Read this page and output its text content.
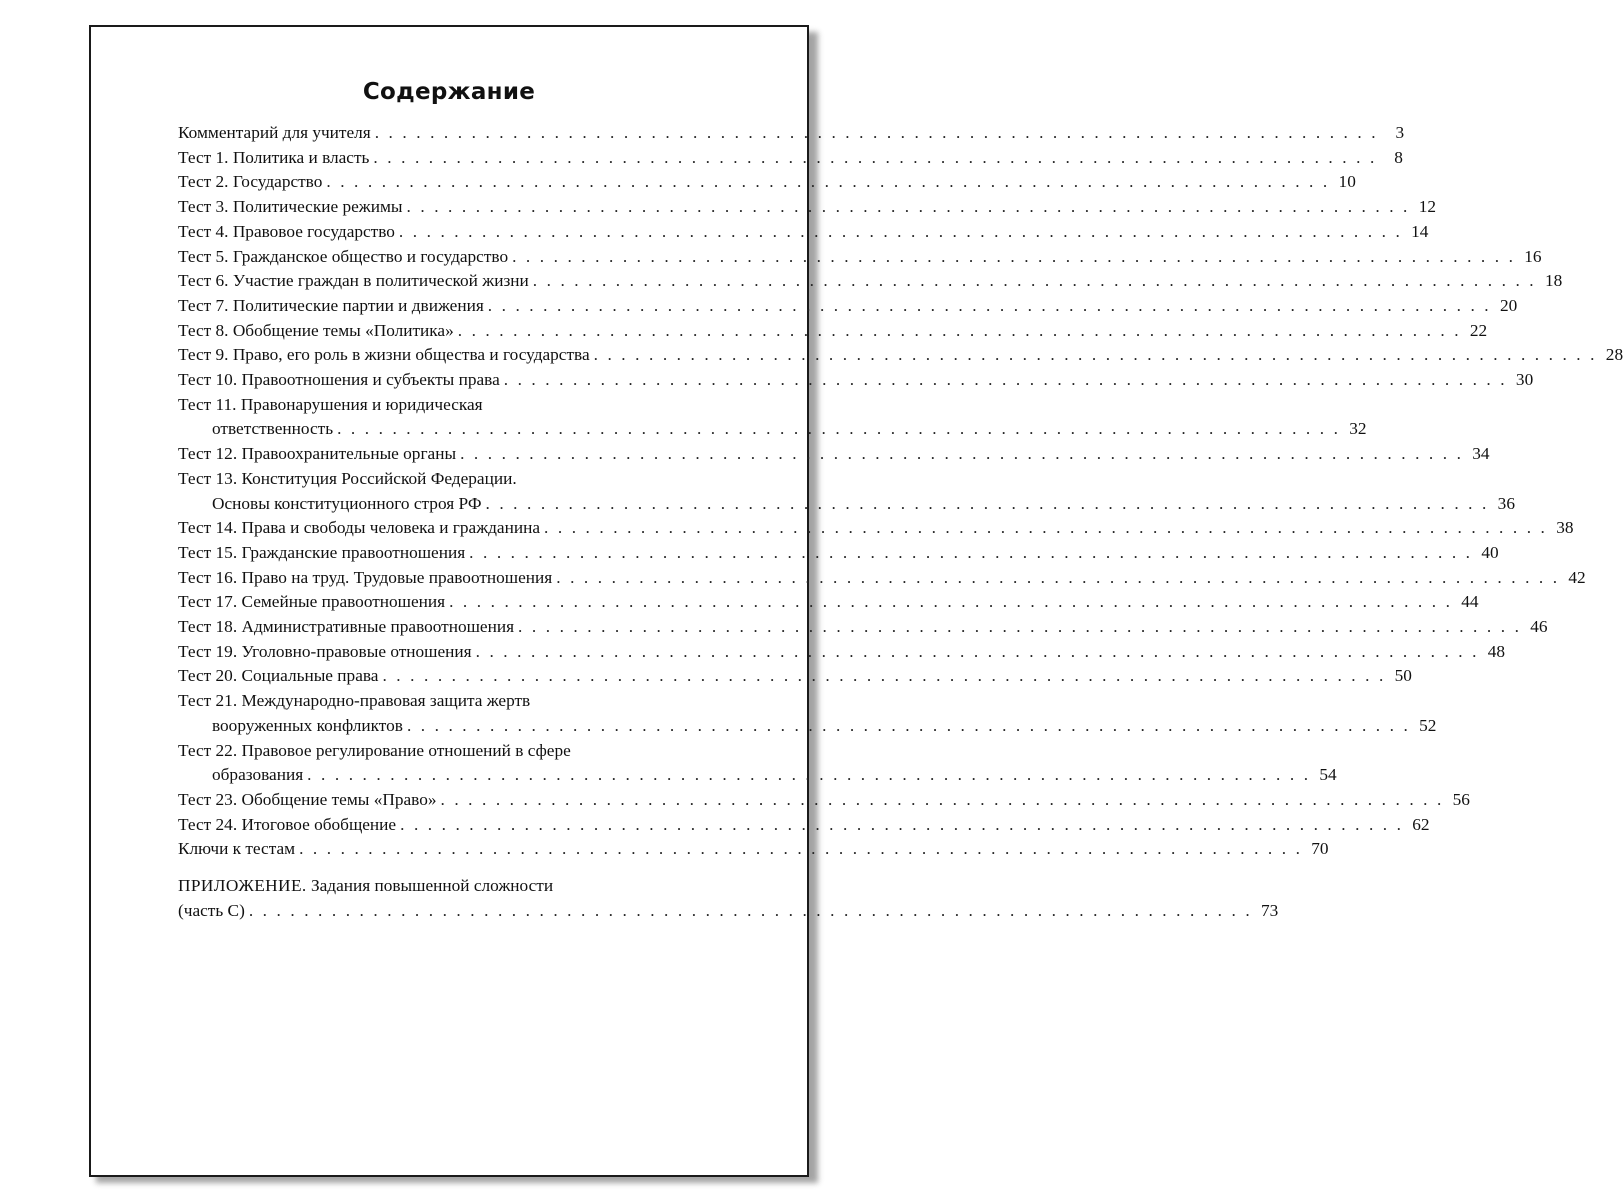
Содержание
Комментарий для учителя . . . . . . . . . . . . . . . . . . . . . . . . . . . . . . . . . . . . . . . . . . . . . . . . . . . . . . . . . . . . . . . . . . . . . . . . .	3
Тест 1. Политика и власть . . . . . . . . . . . . . . . . . . . . . . . . . . . . . . . . . . . . . . . . . . . . . . . . . . . . . . . . . . . . . . . . . . . . . . . . .	8
Тест 2. Государство . . . . . . . . . . . . . . . . . . . . . . . . . . . . . . . . . . . . . . . . . . . . . . . . . . . . . . . . . . . . . . . . . . . . . . . . . 10
Тест 3. Политические режимы . . . . . . . . . . . . . . . . . . . . . . . . . . . . . . . . . . . . . . . . . . . . . . . . . . . . . . . . . . . . . . . . . . . . . . . . . 12
Тест 4. Правовое государство . . . . . . . . . . . . . . . . . . . . . . . . . . . . . . . . . . . . . . . . . . . . . . . . . . . . . . . . . . . . . . . . . . . . . . . . . 14
Тест 5. Гражданское общество и государство . . . . . . . . . . . . . . . . . . . . . . . . . . . . . . . . . . . . . . . . . . . . . . . . . . . . . . . . . . . . . . . . . . . . . . . . . 16
Тест 6. Участие граждан в политической жизни . . . . . . . . . . . . . . . . . . . . . . . . . . . . . . . . . . . . . . . . . . . . . . . . . . . . . . . . . . . . . . . . . . . . . . . . . 18
Тест 7. Политические партии и движения . . . . . . . . . . . . . . . . . . . . . . . . . . . . . . . . . . . . . . . . . . . . . . . . . . . . . . . . . . . . . . . . . . . . . . . . . 20
Тест 8. Обобщение темы «Политика» . . . . . . . . . . . . . . . . . . . . . . . . . . . . . . . . . . . . . . . . . . . . . . . . . . . . . . . . . . . . . . . . . . . . . . . . . 22
Тест 9. Право, его роль в жизни общества и государства . . . . . . . . . . . . . . . . . . . . . . . . . . . . . . . . . . . . . . . . . . . . . . . . . . . . . . . . . . . . . . . . . . . . . . . . . 28
Тест 10. Правоотношения и субъекты права . . . . . . . . . . . . . . . . . . . . . . . . . . . . . . . . . . . . . . . . . . . . . . . . . . . . . . . . . . . . . . . . . . . . . . . . . 30
Тест 11. Правонарушения и юридическая
ответственность . . . . . . . . . . . . . . . . . . . . . . . . . . . . . . . . . . . . . . . . . . . . . . . . . . . . . . . . . . . . . . . . . . . . . . . . . 32
Тест 12. Правоохранительные органы . . . . . . . . . . . . . . . . . . . . . . . . . . . . . . . . . . . . . . . . . . . . . . . . . . . . . . . . . . . . . . . . . . . . . . . . . 34
Тест 13. Конституция Российской Федерации.
Основы конституционного строя РФ . . . . . . . . . . . . . . . . . . . . . . . . . . . . . . . . . . . . . . . . . . . . . . . . . . . . . . . . . . . . . . . . . . . . . . . . . 36
Тест 14. Права и свободы человека и гражданина . . . . . . . . . . . . . . . . . . . . . . . . . . . . . . . . . . . . . . . . . . . . . . . . . . . . . . . . . . . . . . . . . . . . . . . . . 38
Тест 15. Гражданские правоотношения . . . . . . . . . . . . . . . . . . . . . . . . . . . . . . . . . . . . . . . . . . . . . . . . . . . . . . . . . . . . . . . . . . . . . . . . . 40
Тест 16. Право на труд. Трудовые правоотношения . . . . . . . . . . . . . . . . . . . . . . . . . . . . . . . . . . . . . . . . . . . . . . . . . . . . . . . . . . . . . . . . . . . . . . . . . 42
Тест 17. Семейные правоотношения . . . . . . . . . . . . . . . . . . . . . . . . . . . . . . . . . . . . . . . . . . . . . . . . . . . . . . . . . . . . . . . . . . . . . . . . . 44
Тест 18. Административные правоотношения . . . . . . . . . . . . . . . . . . . . . . . . . . . . . . . . . . . . . . . . . . . . . . . . . . . . . . . . . . . . . . . . . . . . . . . . . 46
Тест 19. Уголовно-правовые отношения . . . . . . . . . . . . . . . . . . . . . . . . . . . . . . . . . . . . . . . . . . . . . . . . . . . . . . . . . . . . . . . . . . . . . . . . . 48
Тест 20. Социальные права . . . . . . . . . . . . . . . . . . . . . . . . . . . . . . . . . . . . . . . . . . . . . . . . . . . . . . . . . . . . . . . . . . . . . . . . . 50
Тест 21. Международно-правовая защита жертв
вооруженных конфликтов . . . . . . . . . . . . . . . . . . . . . . . . . . . . . . . . . . . . . . . . . . . . . . . . . . . . . . . . . . . . . . . . . . . . . . . . . 52
Тест 22. Правовое регулирование отношений в сфере
образования . . . . . . . . . . . . . . . . . . . . . . . . . . . . . . . . . . . . . . . . . . . . . . . . . . . . . . . . . . . . . . . . . . . . . . . . . 54
Тест 23. Обобщение темы «Право» . . . . . . . . . . . . . . . . . . . . . . . . . . . . . . . . . . . . . . . . . . . . . . . . . . . . . . . . . . . . . . . . . . . . . . . . . 56
Тест 24. Итоговое обобщение . . . . . . . . . . . . . . . . . . . . . . . . . . . . . . . . . . . . . . . . . . . . . . . . . . . . . . . . . . . . . . . . . . . . . . . . . 62
Ключи к тестам . . . . . . . . . . . . . . . . . . . . . . . . . . . . . . . . . . . . . . . . . . . . . . . . . . . . . . . . . . . . . . . . . . . . . . . . . 70
ПРИЛОЖЕНИЕ. Задания повышенной сложности
(часть С) . . . . . . . . . . . . . . . . . . . . . . . . . . . . . . . . . . . . . . . . . . . . . . . . . . . . . . . . . . . . . . . . . . . . . . . . . 73
